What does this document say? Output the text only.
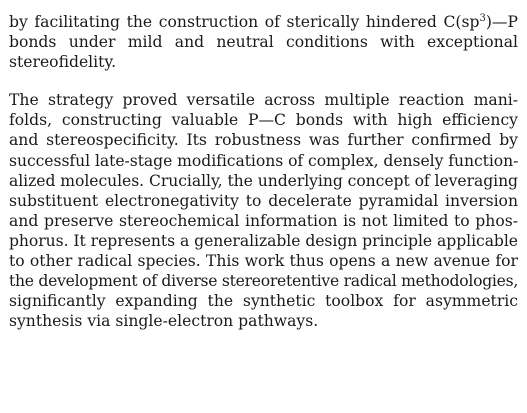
by facilitating the construction of sterically hindered $C(sp^3)—P$
bonds under mild and neutral conditions with exceptional
stereofidelity.

The strategy proved versatile across multiple reaction mani-
folds, constructing valuable P—C bonds with high efficiency
and stereospecificity. Its robustness was further confirmed by
successful late-stage modifications of complex, densely function-
alized molecules. Crucially, the underlying concept of leveraging
substituent electronegativity to decelerate pyramidal inversion
and preserve stereochemical information is not limited to phos-
phorus. It represents a generalizable design principle applicable
to other radical species. This work thus opens a new avenue for
the development of diverse stereoretentive radical methodologies,
significantly expanding the synthetic toolbox for asymmetric
synthesis via single-electron pathways.
